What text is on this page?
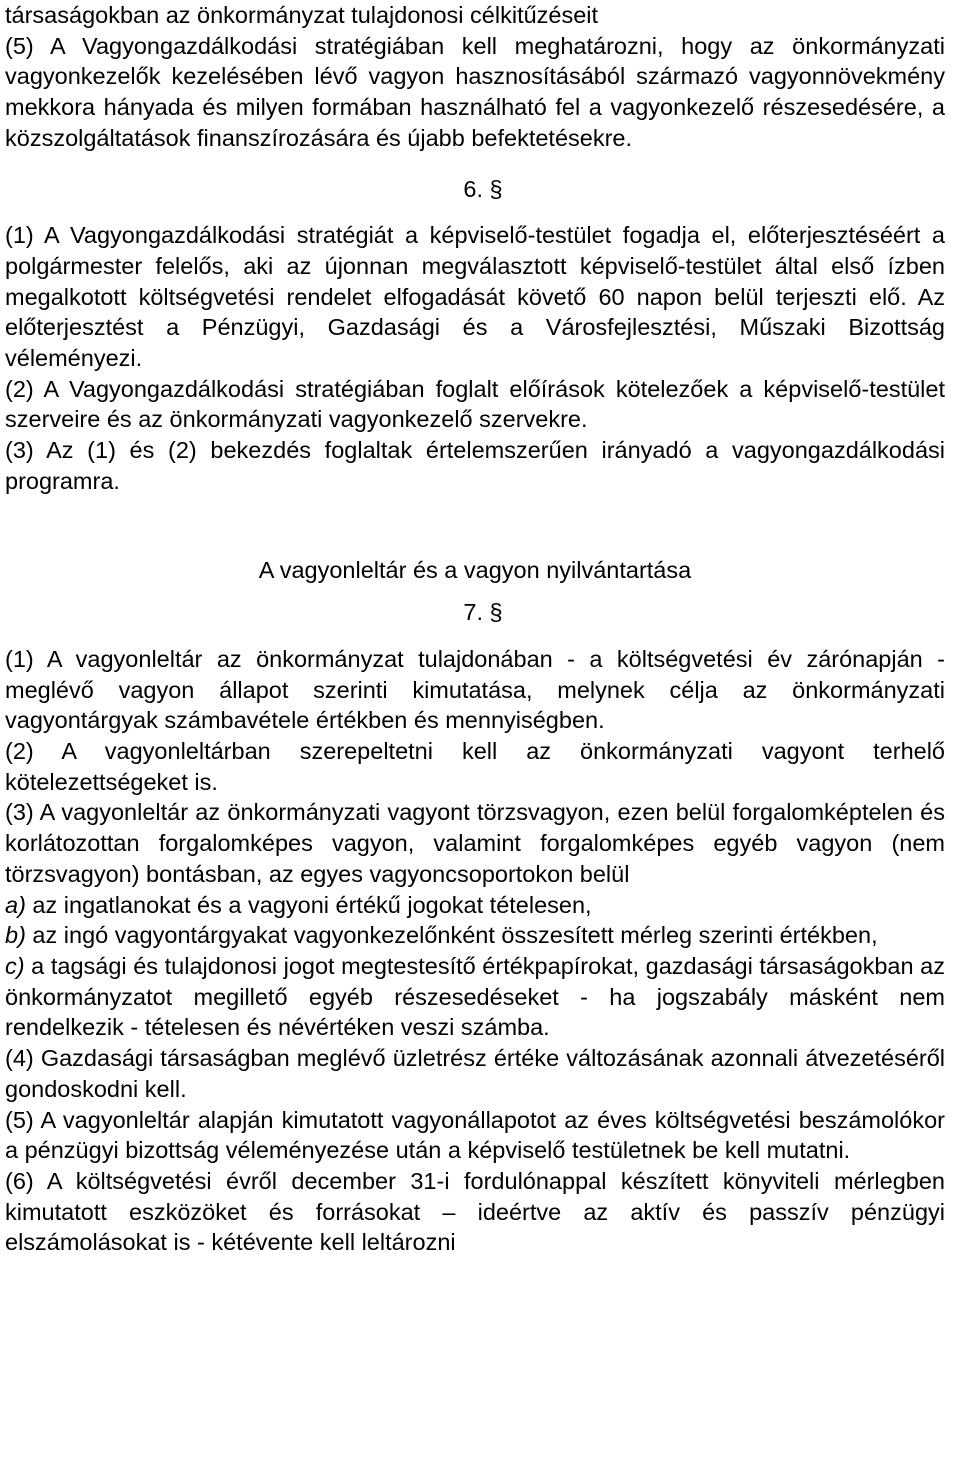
társaságokban az önkormányzat tulajdonosi célkitűzéseit

(5) A Vagyongazdálkodási stratégiában kell meghatározni, hogy az önkormányzati vagyonkezelők kezelésében lévő vagyon hasznosításából származó vagyonnövekmény mekkora hányada és milyen formában használható fel a vagyonkezelő részesedésére, a közszolgáltatások finanszírozására és újabb befektetésekre.

6. §

(1) A Vagyongazdálkodási stratégiát a képviselő-testület fogadja el, előterjesztéséért a polgármester felelős, aki az újonnan megválasztott képviselő-testület által első ízben megalkotott költségvetési rendelet elfogadását követő 60 napon belül terjeszti elő. Az előterjesztést a Pénzügyi, Gazdasági és a Városfejlesztési, Műszaki Bizottság véleményezi.

(2) A Vagyongazdálkodási stratégiában foglalt előírások kötelezőek a képviselő-testület szerveire és az önkormányzati vagyonkezelő szervekre.

(3) Az (1) és (2) bekezdés foglaltak értelemszerűen irányadó a vagyongazdálkodási programra.

A vagyonleltár és a vagyon nyilvántartása

7. §

(1) A vagyonleltár az önkormányzat tulajdonában - a költségvetési év zárónapján - meglévő vagyon állapot szerinti kimutatása, melynek célja az önkormányzati vagyontárgyak számbavétele értékben és mennyiségben.

(2) A vagyonleltárban szerepeltetni kell az önkormányzati vagyont terhelő kötelezettségeket is.

(3) A vagyonleltár az önkormányzati vagyont törzsvagyon, ezen belül forgalomképtelen és korlátozottan forgalomképes vagyon, valamint forgalomképes egyéb vagyon (nem törzsvagyon) bontásban, az egyes vagyoncsoportokon belül

a) az ingatlanokat és a vagyoni értékű jogokat tételesen,

b) az ingó vagyontárgyakat vagyonkezelőnként összesített mérleg szerinti értékben,

c) a tagsági és tulajdonosi jogot megtestesítő értékpapírokat, gazdasági társaságokban az önkormányzatot megillető egyéb részesedéseket - ha jogszabály másként nem rendelkezik - tételesen és névértéken veszi számba.

(4) Gazdasági társaságban meglévő üzletrész értéke változásának azonnali átvezetéséről gondoskodni kell.

(5) A vagyonleltár alapján kimutatott vagyonállapotot az éves költségvetési beszámolókor a pénzügyi bizottság véleményezése után a képviselő testületnek be kell mutatni.

(6) A költségvetési évről december 31-i fordulónappal készített könyviteli mérlegben kimutatott eszközöket és forrásokat – ideértve az aktív és passzív pénzügyi elszámolásokat is - kétévente kell leltározni
